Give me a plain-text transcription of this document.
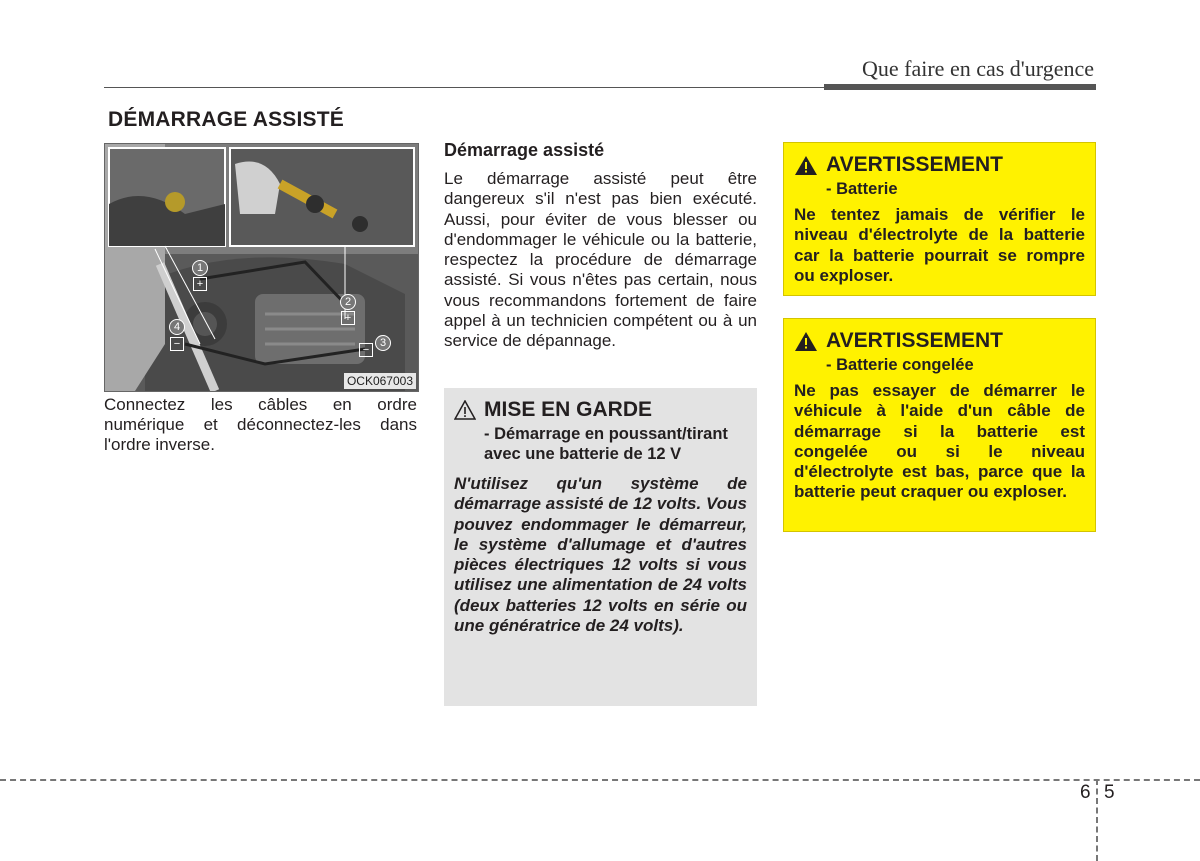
Que faire en cas d'urgence
DÉMARRAGE ASSISTÉ
1
+
2
+
3
−
4
−
OCK067003
Connectez les câbles en ordre numérique et déconnectez-les dans l'ordre inverse.
Démarrage assisté

Le démarrage assisté peut être dangereux s'il n'est pas bien exécuté. Aussi, pour éviter de vous blesser ou d'endommager le véhicule ou la batterie, respectez la procédure de démarrage assisté. Si vous n'êtes pas certain, nous vous recommandons fortement de faire appel à un technicien compétent ou à un service de dépannage.

MISE EN GARDE
- Démarrage en poussant/tirant avec une batterie de 12 V
N'utilisez qu'un système de démarrage assisté de 12 volts. Vous pouvez endommager le démarreur, le système d'allumage et d'autres pièces électriques 12 volts si vous utilisez une alimentation de 24 volts (deux batteries 12 volts en série ou une génératrice de 24 volts).
AVERTISSEMENT
- Batterie
Ne tentez jamais de vérifier le niveau d'électrolyte de la batterie car la batterie pourrait se rompre ou exploser.
AVERTISSEMENT
- Batterie congelée
Ne pas essayer de démarrer le véhicule à l'aide d'un câble de démarrage si la batterie est congelée ou si le niveau d'électrolyte est bas, parce que la batterie peut craquer ou exploser.
6 5
